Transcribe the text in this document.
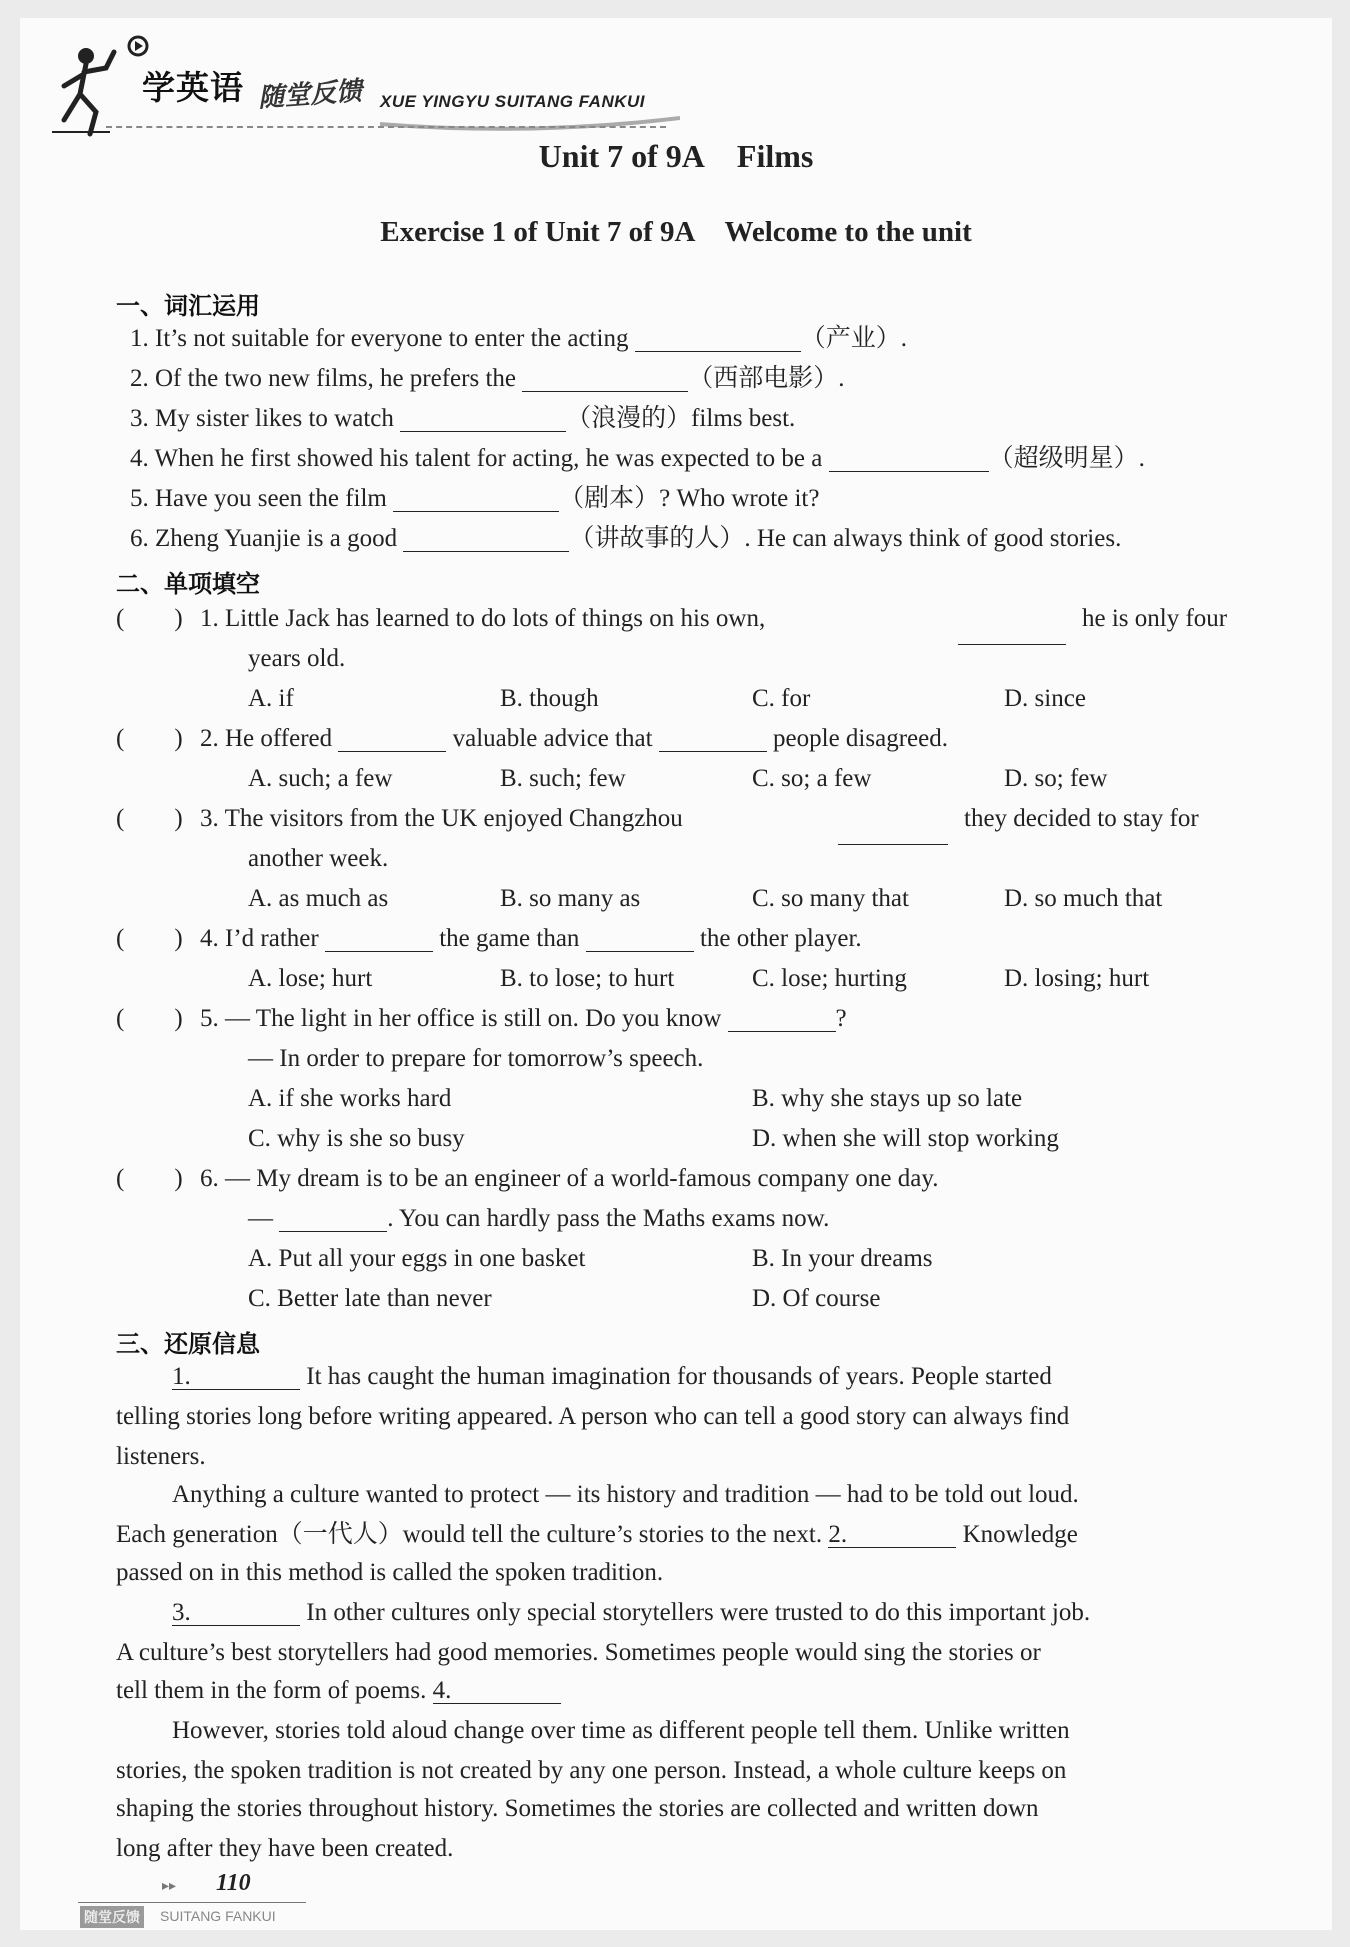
学英语 随堂反馈 XUE YINGYU SUITANG FANKUI
Unit 7 of 9A    Films
Exercise 1 of Unit 7 of 9A    Welcome to the unit
一、词汇运用
1. It’s not suitable for everyone to enter the acting	（产业）.
2. Of the two new films, he prefers the	（西部电影）.
3. My sister likes to watch	（浪漫的）films best.
4. When he first showed his talent for acting, he was expected to be a	（超级明星）.
5. Have you seen the film	（剧本）? Who wrote it?
6. Zheng Yuanjie is a good	（讲故事的人）. He can always think of good stories.
二、单项填空
(        ) 1. Little Jack has learned to do lots of things on his own,
	he is only four
years old.
A. if	B. though	C. for	D. since
(        ) 2. He offered	valuable advice that	people disagreed.
A. such; a few	B. such; few	C. so; a few	D. so; few
(        ) 3. The visitors from the UK enjoyed Changzhou
	they decided to stay for
another week.
A. as much as	B. so many as	C. so many that	D. so much that
(        ) 4. I’d rather	the game than	the other player.
A. lose; hurt	B. to lose; to hurt	C. lose; hurting	D. losing; hurt
(        ) 5. — The light in her office is still on. Do you know	?
— In order to prepare for tomorrow’s speech.
A. if she works hard	B. why she stays up so late
C. why is she so busy	D. when she will stop working
(        ) 6. — My dream is to be an engineer of a world-famous company one day.
—	. You can hardly pass the Maths exams now.
A. Put all your eggs in one basket	B. In your dreams
C. Better late than never	D. Of course
三、还原信息
1.	It has caught the human imagination for thousands of years. People started
telling stories long before writing appeared. A person who can tell a good story can always find
listeners.
Anything a culture wanted to protect — its history and tradition — had to be told out loud.
Each generation（一代人）would tell the culture’s stories to the next. 2.	Knowledge
passed on in this method is called the spoken tradition.
3.	In other cultures only special storytellers were trusted to do this important job.
A culture’s best storytellers had good memories. Sometimes people would sing the stories or
tell them in the form of poems. 4.
However, stories told aloud change over time as different people tell them. Unlike written
stories, the spoken tradition is not created by any one person. Instead, a whole culture keeps on
shaping the stories throughout history. Sometimes the stories are collected and written down
long after they have been created.
▸▸ 110
随堂反馈 SUITANG FANKUI
